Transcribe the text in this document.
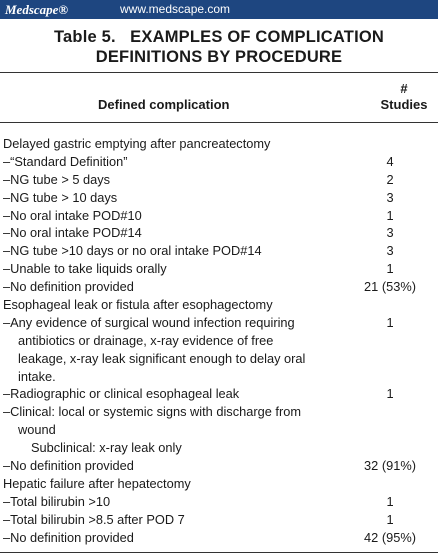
Medscape®	www.medscape.com
Table 5.   EXAMPLES OF COMPLICATION
DEFINITIONS BY PROCEDURE
Defined complication
#
Studies
Delayed gastric emptying after pancreatectomy
–“Standard Definition”	4
–NG tube > 5 days	2
–NG tube > 10 days	3
–No oral intake POD#10	1
–No oral intake POD#14	3
–NG tube >10 days or no oral intake POD#14	3
–Unable to take liquids orally	1
–No definition provided	21 (53%)
Esophageal leak or fistula after esophagectomy
–Any evidence of surgical wound infection requiring	1
antibiotics or drainage, x-ray evidence of free
leakage, x-ray leak significant enough to delay oral
intake.
–Radiographic or clinical esophageal leak	1
–Clinical: local or systemic signs with discharge from
wound
Subclinical: x-ray leak only
–No definition provided	32 (91%)
Hepatic failure after hepatectomy
–Total bilirubin >10	1
–Total bilirubin >8.5 after POD 7	1
–No definition provided	42 (95%)
